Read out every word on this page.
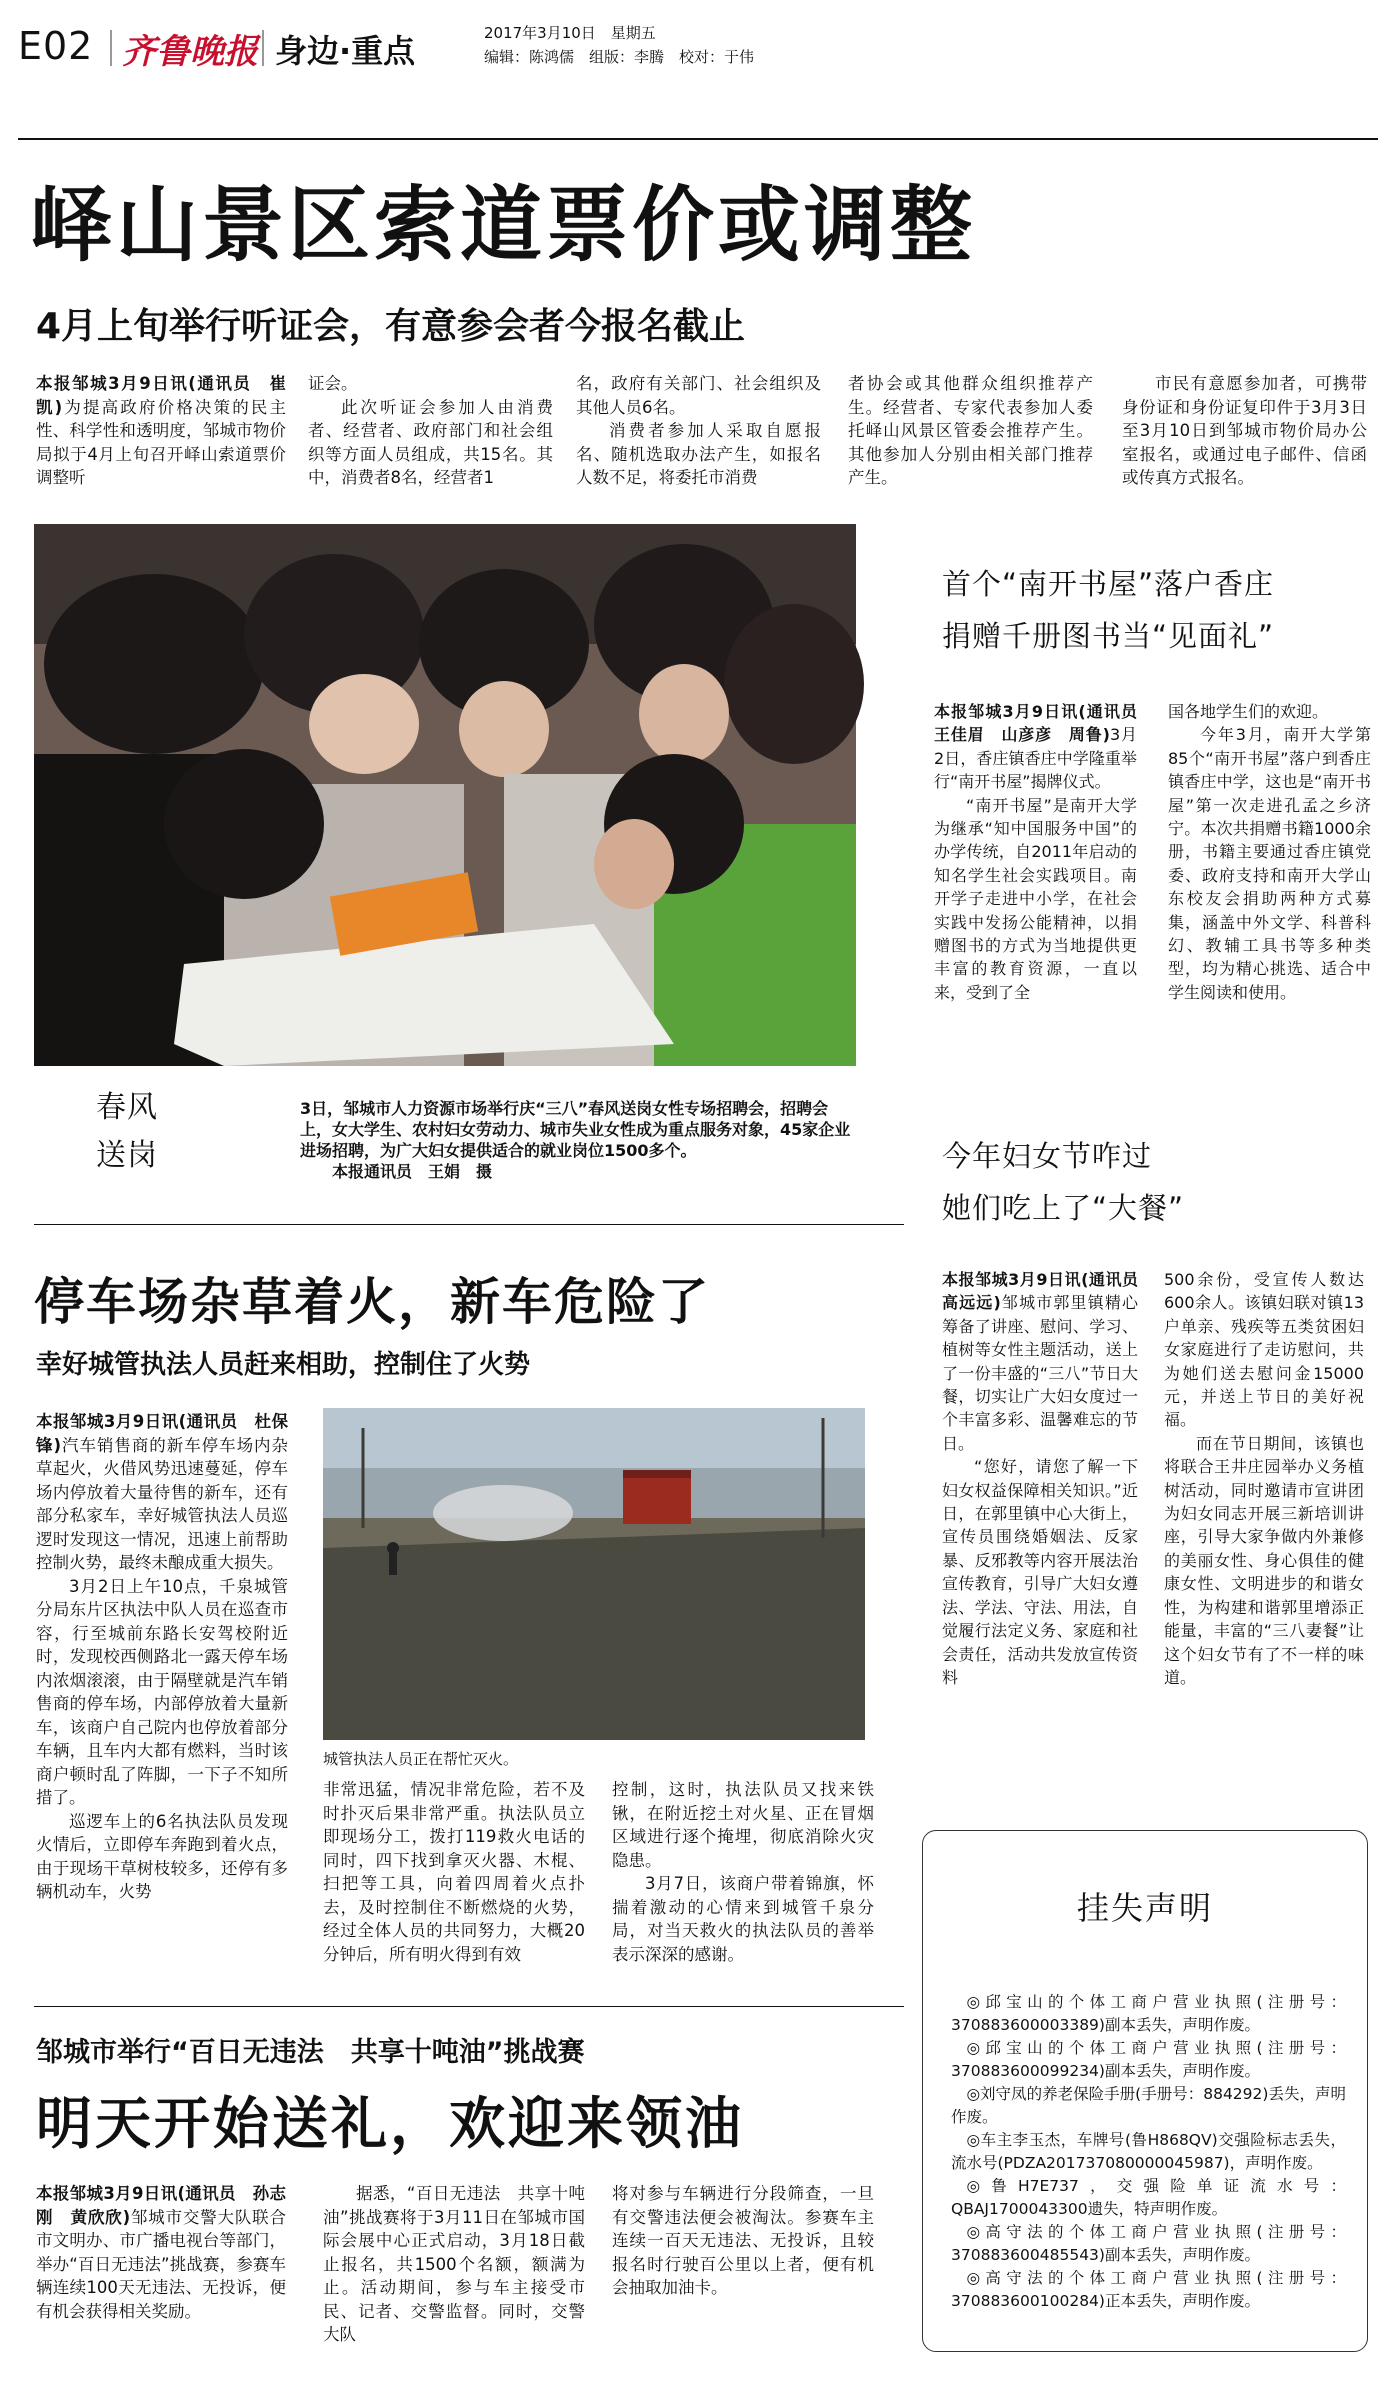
E02 齐鲁晚报 身边·重点	2017年3月10日　星期五
编辑：陈鸿儒　组版：李腾　校对：于伟
峄山景区索道票价或调整
4月上旬举行听证会，有意参会者今报名截止

本报邹城3月9日讯(通讯员　崔凯)为提高政府价格决策的民主性、科学性和透明度，邹城市物价局拟于4月上旬召开峄山索道票价调整听

证会。

此次听证会参加人由消费者、经营者、政府部门和社会组织等方面人员组成，共15名。其中，消费者8名，经营者1

名，政府有关部门、社会组织及其他人员6名。

消费者参加人采取自愿报名、随机选取办法产生，如报名人数不足，将委托市消费

者协会或其他群众组织推荐产生。经营者、专家代表参加人委托峄山风景区管委会推荐产生。其他参加人分别由相关部门推荐产生。

市民有意愿参加者，可携带身份证和身份证复印件于3月3日至3月10日到邹城市物价局办公室报名，或通过电子邮件、信函或传真方式报名。

春风
送岗
3日，邹城市人力资源市场举行庆“三八”春风送岗女性专场招聘会，招聘会上，女大学生、农村妇女劳动力、城市失业女性成为重点服务对象，45家企业进场招聘，为广大妇女提供适合的就业岗位1500多个。
本报通讯员　王娟　摄
首个“南开书屋”落户香庄
捐赠千册图书当“见面礼”

本报邹城3月9日讯(通讯员　王佳眉　山彦彦　周鲁)3月2日，香庄镇香庄中学隆重举行“南开书屋”揭牌仪式。

“南开书屋”是南开大学为继承“知中国服务中国”的办学传统，自2011年启动的知名学生社会实践项目。南开学子走进中小学，在社会实践中发扬公能精神，以捐赠图书的方式为当地提供更丰富的教育资源，一直以来，受到了全

国各地学生们的欢迎。

今年3月，南开大学第85个“南开书屋”落户到香庄镇香庄中学，这也是“南开书屋”第一次走进孔孟之乡济宁。本次共捐赠书籍1000余册，书籍主要通过香庄镇党委、政府支持和南开大学山东校友会捐助两种方式募集，涵盖中外文学、科普科幻、教辅工具书等多种类型，均为精心挑选、适合中学生阅读和使用。

停车场杂草着火，新车危险了
幸好城管执法人员赶来相助，控制住了火势

本报邹城3月9日讯(通讯员　杜保锋)汽车销售商的新车停车场内杂草起火，火借风势迅速蔓延，停车场内停放着大量待售的新车，还有部分私家车，幸好城管执法人员巡逻时发现这一情况，迅速上前帮助控制火势，最终未酿成重大损失。

3月2日上午10点，千泉城管分局东片区执法中队人员在巡查市容，行至城前东路长安驾校附近时，发现校西侧路北一露天停车场内浓烟滚滚，由于隔壁就是汽车销售商的停车场，内部停放着大量新车，该商户自己院内也停放着部分车辆，且车内大都有燃料，当时该商户顿时乱了阵脚，一下子不知所措了。

巡逻车上的6名执法队员发现火情后，立即停车奔跑到着火点，由于现场干草树枝较多，还停有多辆机动车，火势

城管执法人员正在帮忙灭火。

非常迅猛，情况非常危险，若不及时扑灭后果非常严重。执法队员立即现场分工，拨打119救火电话的同时，四下找到拿灭火器、木棍、扫把等工具，向着四周着火点扑去，及时控制住不断燃烧的火势，经过全体人员的共同努力，大概20分钟后，所有明火得到有效

控制，这时，执法队员又找来铁锹，在附近挖土对火星、正在冒烟区域进行逐个掩埋，彻底消除火灾隐患。

3月7日，该商户带着锦旗，怀揣着激动的心情来到城管千泉分局，对当天救火的执法队员的善举表示深深的感谢。

今年妇女节咋过
她们吃上了“大餐”

本报邹城3月9日讯(通讯员　高远远)邹城市郭里镇精心筹备了讲座、慰问、学习、植树等女性主题活动，送上了一份丰盛的“三八”节日大餐，切实让广大妇女度过一个丰富多彩、温馨难忘的节日。

“您好，请您了解一下妇女权益保障相关知识。”近日，在郭里镇中心大街上，宣传员围绕婚姻法、反家暴、反邪教等内容开展法治宣传教育，引导广大妇女遵法、学法、守法、用法，自觉履行法定义务、家庭和社会责任，活动共发放宣传资料

500余份，受宣传人数达600余人。该镇妇联对镇13户单亲、残疾等五类贫困妇女家庭进行了走访慰问，共为她们送去慰问金15000元，并送上节日的美好祝福。

而在节日期间，该镇也将联合王井庄园举办义务植树活动，同时邀请市宣讲团为妇女同志开展三新培训讲座，引导大家争做内外兼修的美丽女性、身心俱佳的健康女性、文明进步的和谐女性，为构建和谐郭里增添正能量，丰富的“三八妻餐”让这个妇女节有了不一样的味道。

邹城市举行“百日无违法　共享十吨油”挑战赛
明天开始送礼，欢迎来领油

本报邹城3月9日讯(通讯员　孙志刚　黄欣欣)邹城市交警大队联合市文明办、市广播电视台等部门，举办“百日无违法”挑战赛，参赛车辆连续100天无违法、无投诉，便有机会获得相关奖励。

据悉，“百日无违法　共享十吨油”挑战赛将于3月11日在邹城市国际会展中心正式启动，3月18日截止报名，共1500个名额，额满为止。活动期间，参与车主接受市民、记者、交警监督。同时，交警大队

将对参与车辆进行分段筛查，一旦有交警违法便会被淘汰。参赛车主连续一百天无违法、无投诉，且较报名时行驶百公里以上者，便有机会抽取加油卡。

挂失声明
◎邱宝山的个体工商户营业执照(注册号：370883600003389)副本丢失，声明作废。
◎邱宝山的个体工商户营业执照(注册号：370883600099234)副本丢失，声明作废。
◎刘守凤的养老保险手册(手册号：884292)丢失，声明作废。
◎车主李玉杰，车牌号(鲁H868QV)交强险标志丢失，流水号(PDZA201737080000045987)，声明作废。
◎鲁H7E737，交强险单证流水号：QBAJ1700043300遗失，特声明作废。
◎高守法的个体工商户营业执照(注册号：370883600485543)副本丢失，声明作废。
◎高守法的个体工商户营业执照(注册号：370883600100284)正本丢失，声明作废。
